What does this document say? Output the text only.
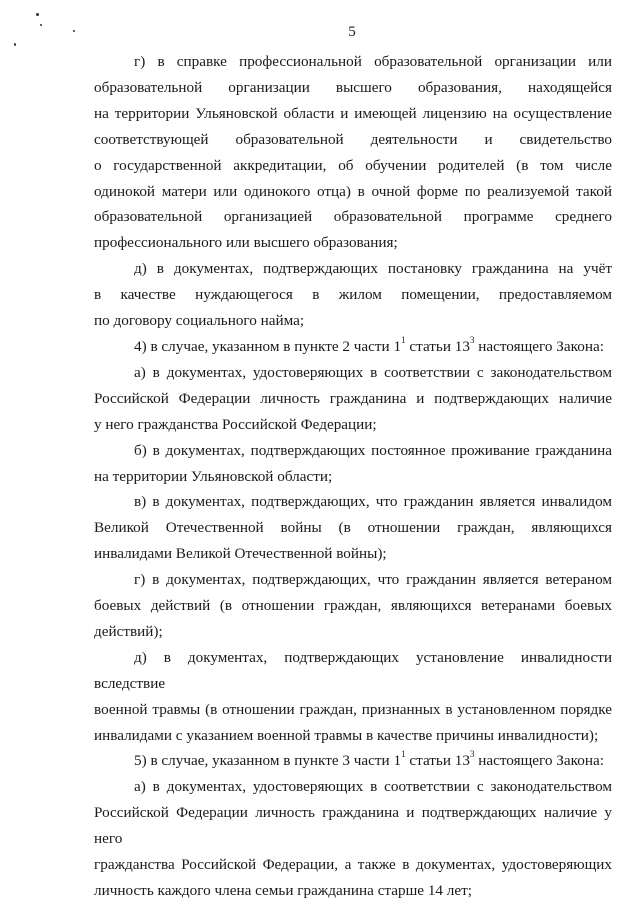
5

г) в справке профессиональной образовательной организации или
образовательной организации высшего образования, находящейся
на территории Ульяновской области и имеющей лицензию на осуществление
соответствующей образовательной деятельности и свидетельство
о государственной аккредитации, об обучении родителей (в том числе
одинокой матери или одинокого отца) в очной форме по реализуемой такой
образовательной организацией образовательной программе среднего
профессионального или высшего образования;

д) в документах, подтверждающих постановку гражданина на учёт
в качестве нуждающегося в жилом помещении, предоставляемом
по договору социального найма;

4) в случае, указанном в пункте 2 части $1^1$ статьи $13^3$ настоящего Закона:

а) в документах, удостоверяющих в соответствии с законодательством
Российской Федерации личность гражданина и подтверждающих наличие
у него гражданства Российской Федерации;

б) в документах, подтверждающих постоянное проживание гражданина
на территории Ульяновской области;

в) в документах, подтверждающих, что гражданин является инвалидом
Великой Отечественной войны (в отношении граждан, являющихся
инвалидами Великой Отечественной войны);

г) в документах, подтверждающих, что гражданин является ветераном
боевых действий (в отношении граждан, являющихся ветеранами боевых
действий);

д) в документах, подтверждающих установление инвалидности вследствие
военной травмы (в отношении граждан, признанных в установленном порядке
инвалидами с указанием военной травмы в качестве причины инвалидности);

5) в случае, указанном в пункте 3 части $1^1$ статьи $13^3$ настоящего Закона:

а) в документах, удостоверяющих в соответствии с законодательством
Российской Федерации личность гражданина и подтверждающих наличие у него
гражданства Российской Федерации, а также в документах, удостоверяющих
личность каждого члена семьи гражданина старше 14 лет;
